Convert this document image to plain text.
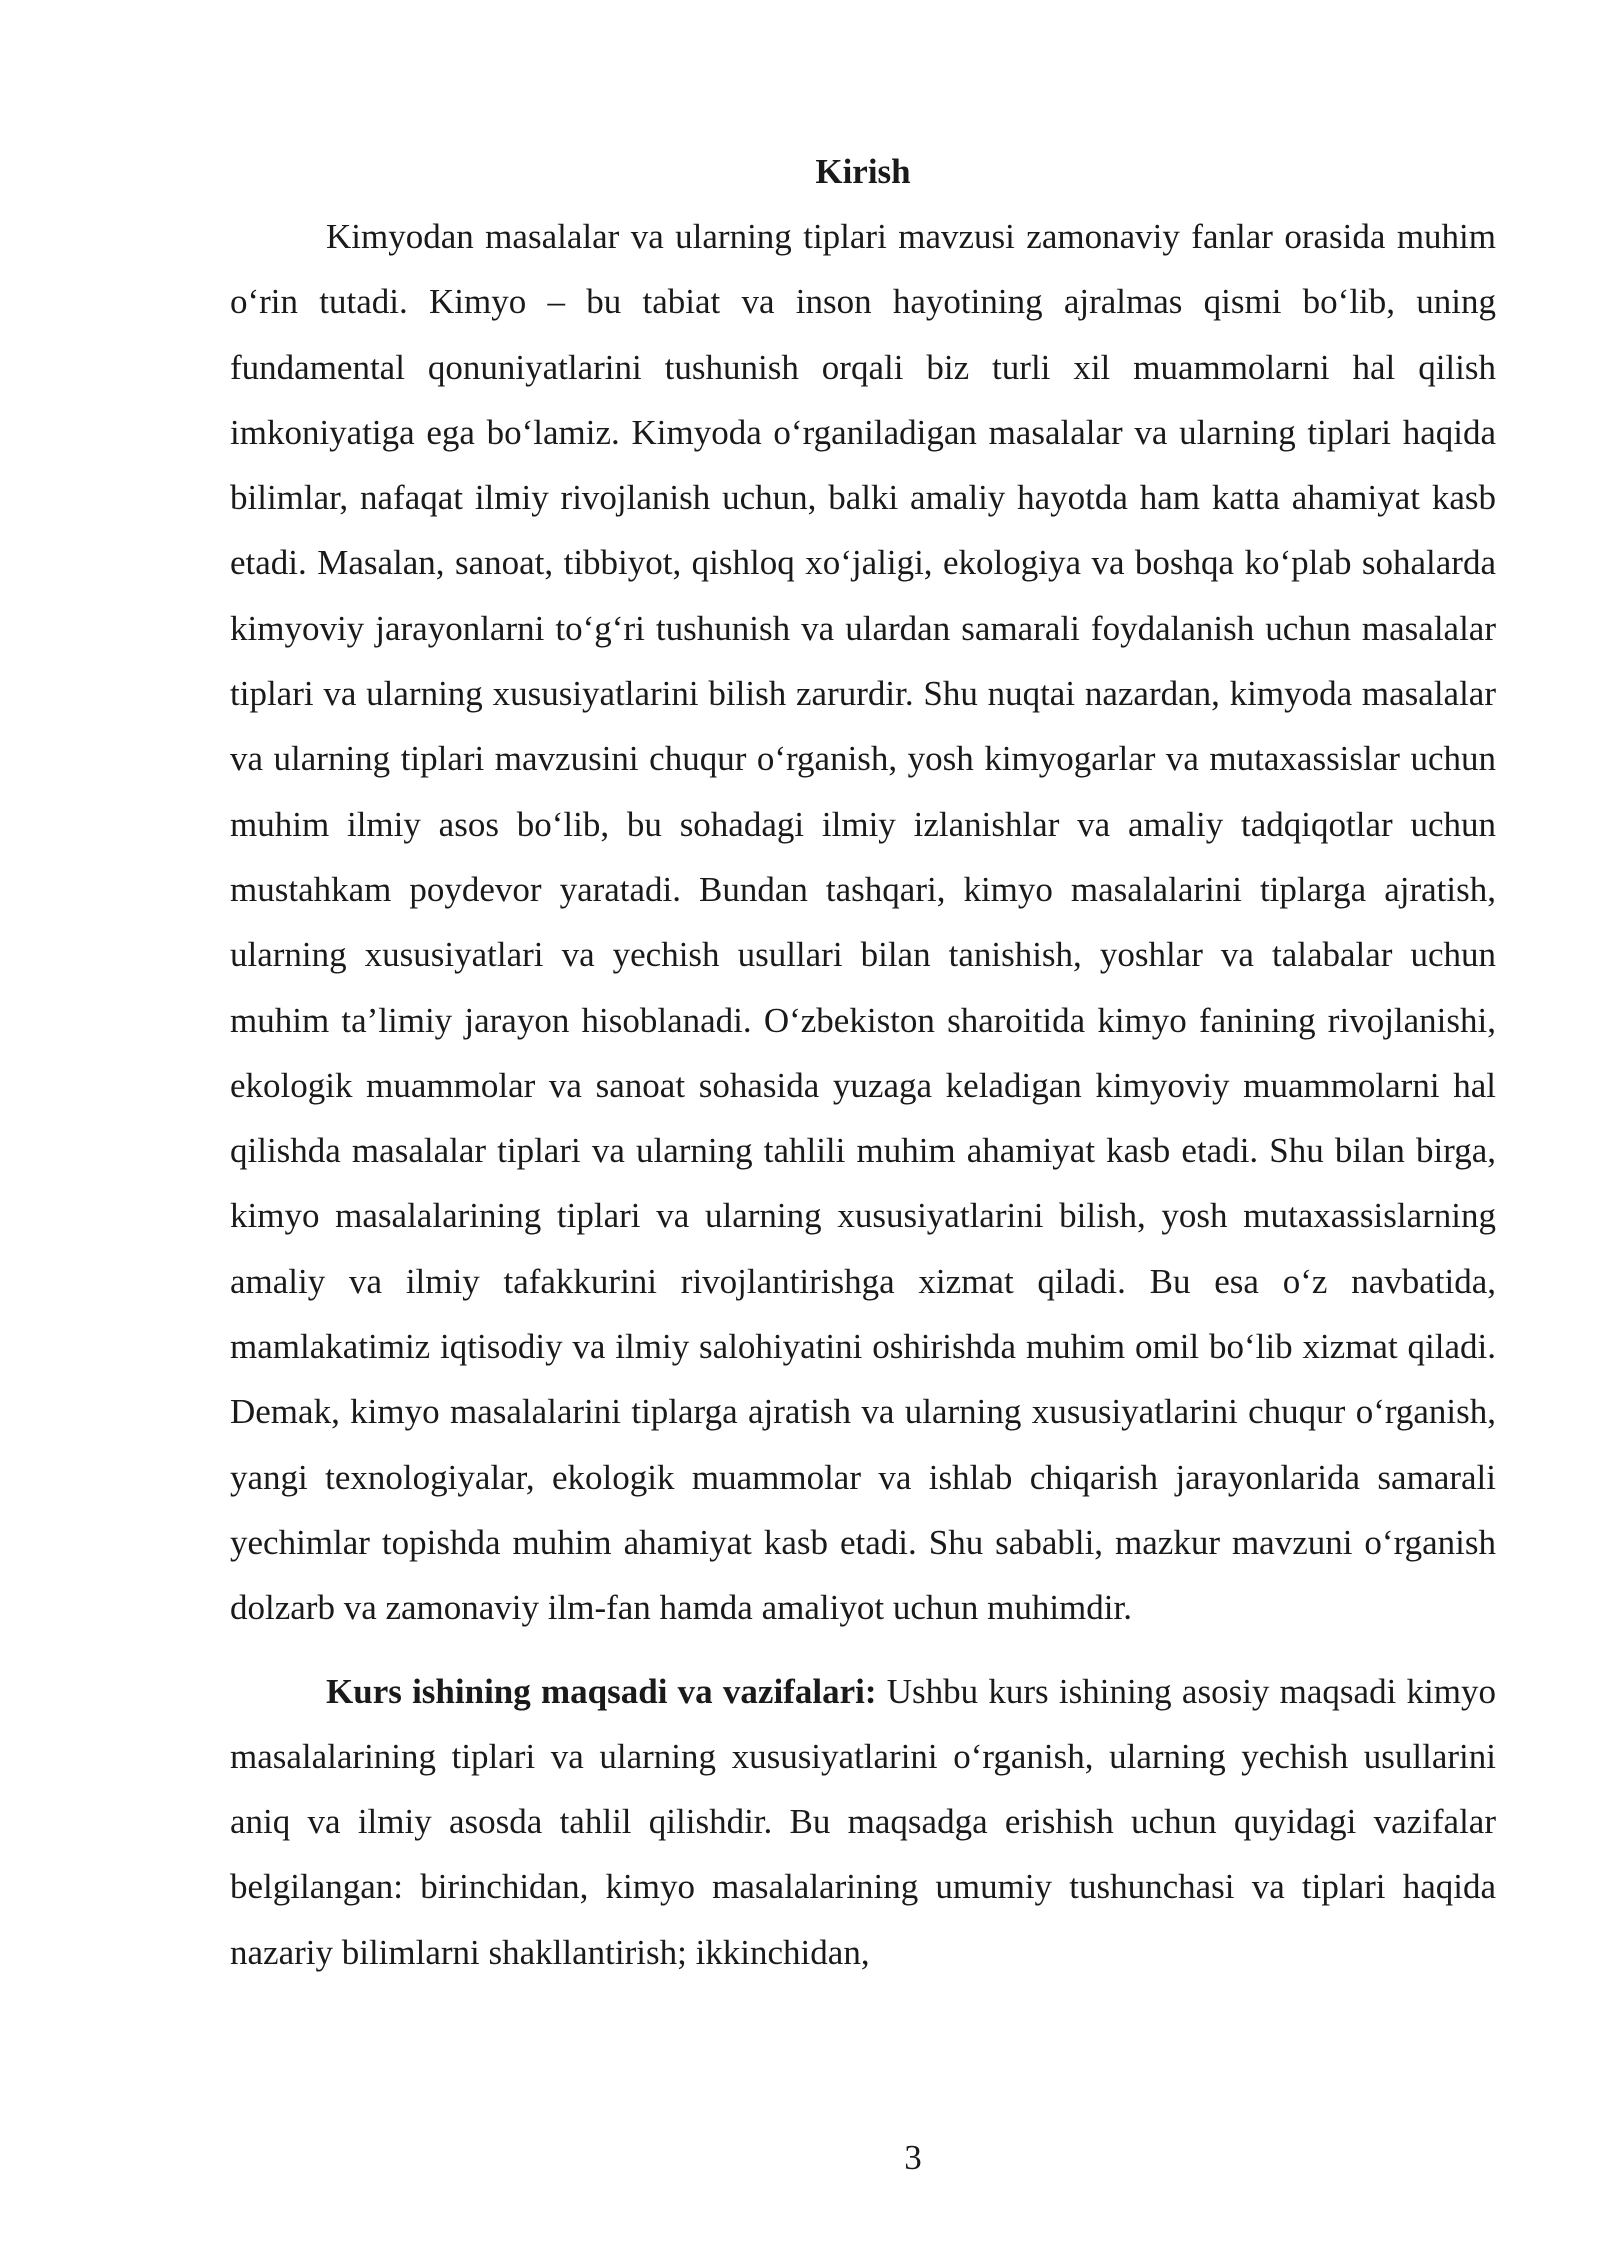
Kirish

Kimyodan masalalar va ularning tiplari mavzusi zamonaviy fanlar orasida muhim o‘rin tutadi. Kimyo – bu tabiat va inson hayotining ajralmas qismi bo‘lib, uning fundamental qonuniyatlarini tushunish orqali biz turli xil muammolarni hal qilish imkoniyatiga ega bo‘lamiz. Kimyoda o‘rganiladigan masalalar va ularning tiplari haqida bilimlar, nafaqat ilmiy rivojlanish uchun, balki amaliy hayotda ham katta ahamiyat kasb etadi. Masalan, sanoat, tibbiyot, qishloq xo‘jaligi, ekologiya va boshqa ko‘plab sohalarda kimyoviy jarayonlarni to‘g‘ri tushunish va ulardan samarali foydalanish uchun masalalar tiplari va ularning xususiyatlarini bilish zarurdir. Shu nuqtai nazardan, kimyoda masalalar va ularning tiplari mavzusini chuqur o‘rganish, yosh kimyogarlar va mutaxassislar uchun muhim ilmiy asos bo‘lib, bu sohadagi ilmiy izlanishlar va amaliy tadqiqotlar uchun mustahkam poydevor yaratadi. Bundan tashqari, kimyo masalalarini tiplarga ajratish, ularning xususiyatlari va yechish usullari bilan tanishish, yoshlar va talabalar uchun muhim ta’limiy jarayon hisoblanadi. O‘zbekiston sharoitida kimyo fanining rivojlanishi, ekologik muammolar va sanoat sohasida yuzaga keladigan kimyoviy muammolarni hal qilishda masalalar tiplari va ularning tahlili muhim ahamiyat kasb etadi. Shu bilan birga, kimyo masalalarining tiplari va ularning xususiyatlarini bilish, yosh mutaxassislarning amaliy va ilmiy tafakkurini rivojlantirishga xizmat qiladi. Bu esa o‘z navbatida, mamlakatimiz iqtisodiy va ilmiy salohiyatini oshirishda muhim omil bo‘lib xizmat qiladi. Demak, kimyo masalalarini tiplarga ajratish va ularning xususiyatlarini chuqur o‘rganish, yangi texnologiyalar, ekologik muammolar va ishlab chiqarish jarayonlarida samarali yechimlar topishda muhim ahamiyat kasb etadi. Shu sababli, mazkur mavzuni o‘rganish dolzarb va zamonaviy ilm-fan hamda amaliyot uchun muhimdir.

Kurs ishining maqsadi va vazifalari: Ushbu kurs ishining asosiy maqsadi kimyo masalalarining tiplari va ularning xususiyatlarini o‘rganish, ularning yechish usullarini aniq va ilmiy asosda tahlil qilishdir. Bu maqsadga erishish uchun quyidagi vazifalar belgilangan: birinchidan, kimyo masalalarining umumiy tushunchasi va tiplari haqida nazariy bilimlarni shakllantirish; ikkinchidan,

3
